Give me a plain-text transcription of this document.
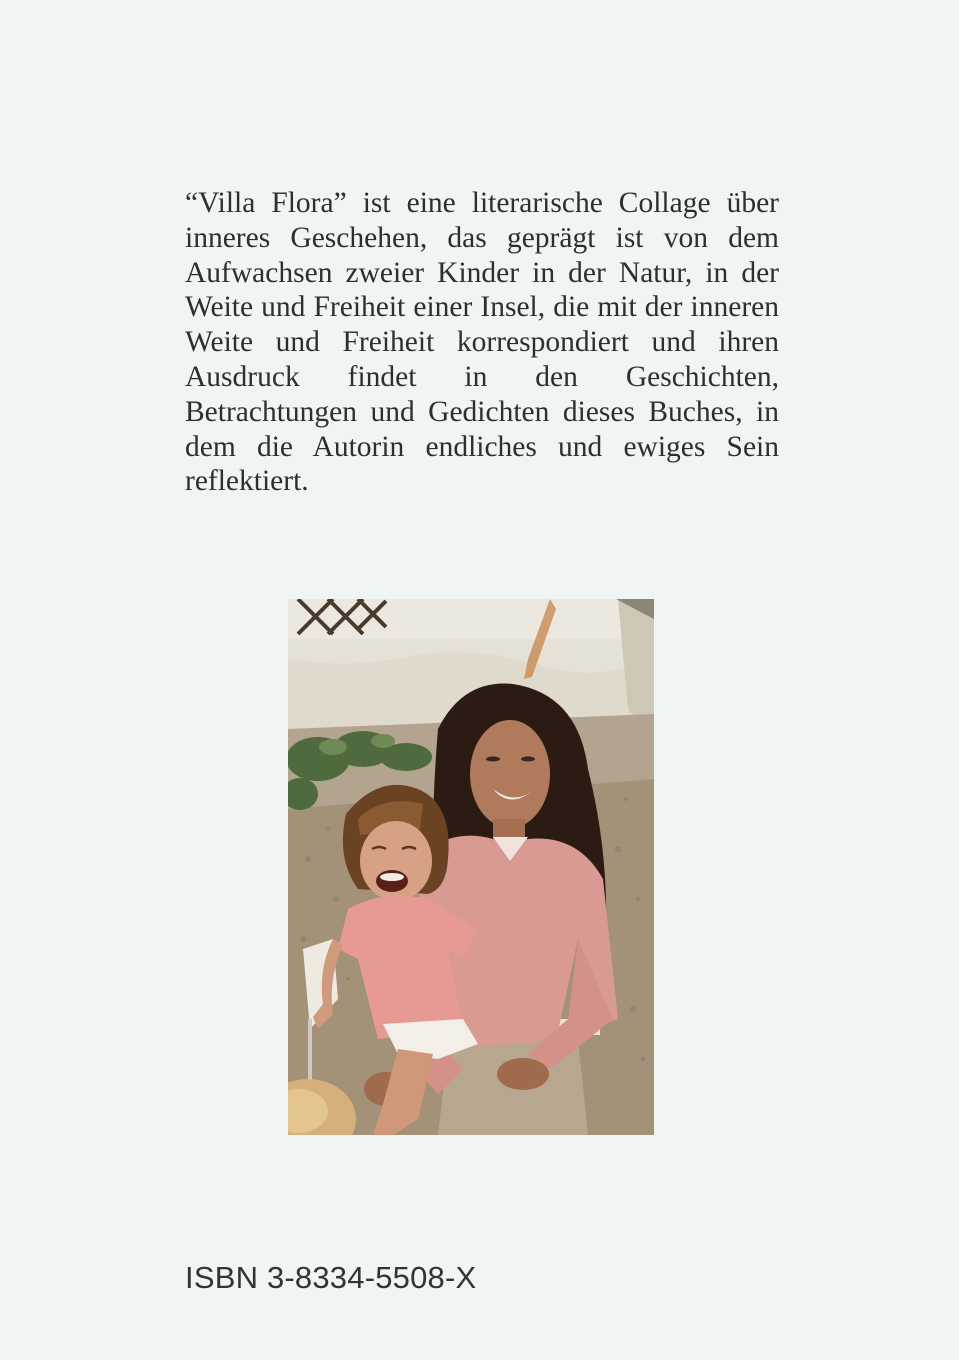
“Villa Flora” ist eine literarische Collage über inneres Geschehen, das geprägt ist von dem Aufwachsen zweier Kinder in der Natur, in der Weite und Freiheit einer Insel, die mit der inneren Weite und Freiheit korrespondiert und ihren Ausdruck findet in den Geschichten, Betrachtungen und Gedichten dieses Buches, in dem die Autorin endliches und ewiges Sein reflektiert.

ISBN 3-8334-5508-X
